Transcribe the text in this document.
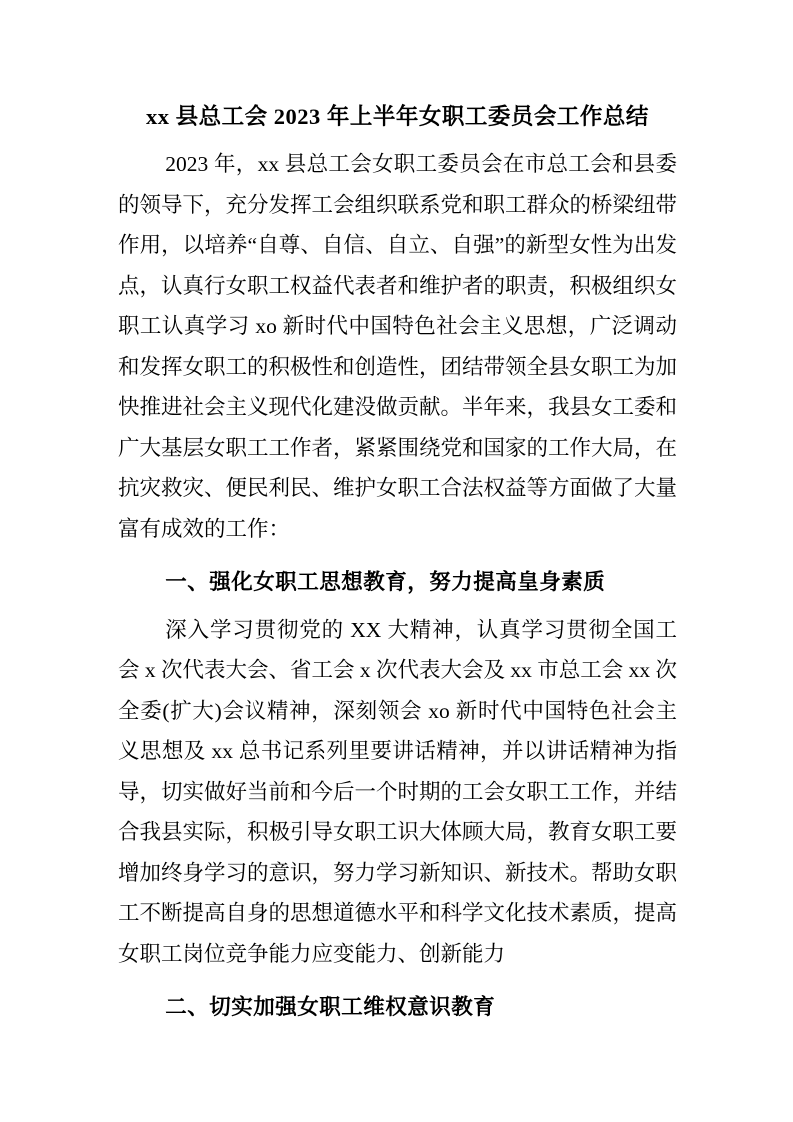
xx 县总工会 2023 年上半年女职工委员会工作总结

2023 年，xx 县总工会女职工委员会在市总工会和县委的领导下，充分发挥工会组织联系党和职工群众的桥梁纽带作用，以培养“自尊、自信、自立、自强”的新型女性为出发点，认真行女职工权益代表者和维护者的职责，积极组织女职工认真学习 xo 新时代中国特色社会主义思想，广泛调动和发挥女职工的积极性和创造性，团结带领全县女职工为加快推进社会主义现代化建没做贡献。半年来，我县女工委和广大基层女职工工作者，紧紧围绕党和国家的工作大局，在抗灾救灾、便民利民、维护女职工合法权益等方面做了大量富有成效的工作：

一、强化女职工思想教育，努力提高皇身素质

深入学习贯彻党的 XX 大精神，认真学习贯彻全国工会 x 次代表大会、省工会 x 次代表大会及 xx 市总工会 xx 次全委(扩大)会议精神，深刻领会 xo 新时代中国特色社会主义思想及 xx 总书记系列里要讲话精神，并以讲话精神为指导，切实做好当前和今后一个时期的工会女职工工作，并结合我县实际，积极引导女职工识大体顾大局，教育女职工要增加终身学习的意识，努力学习新知识、新技术。帮助女职工不断提高自身的思想道德水平和科学文化技术素质，提高女职工岗位竞争能力应变能力、创新能力

二、切实加强女职工维权意识教育
